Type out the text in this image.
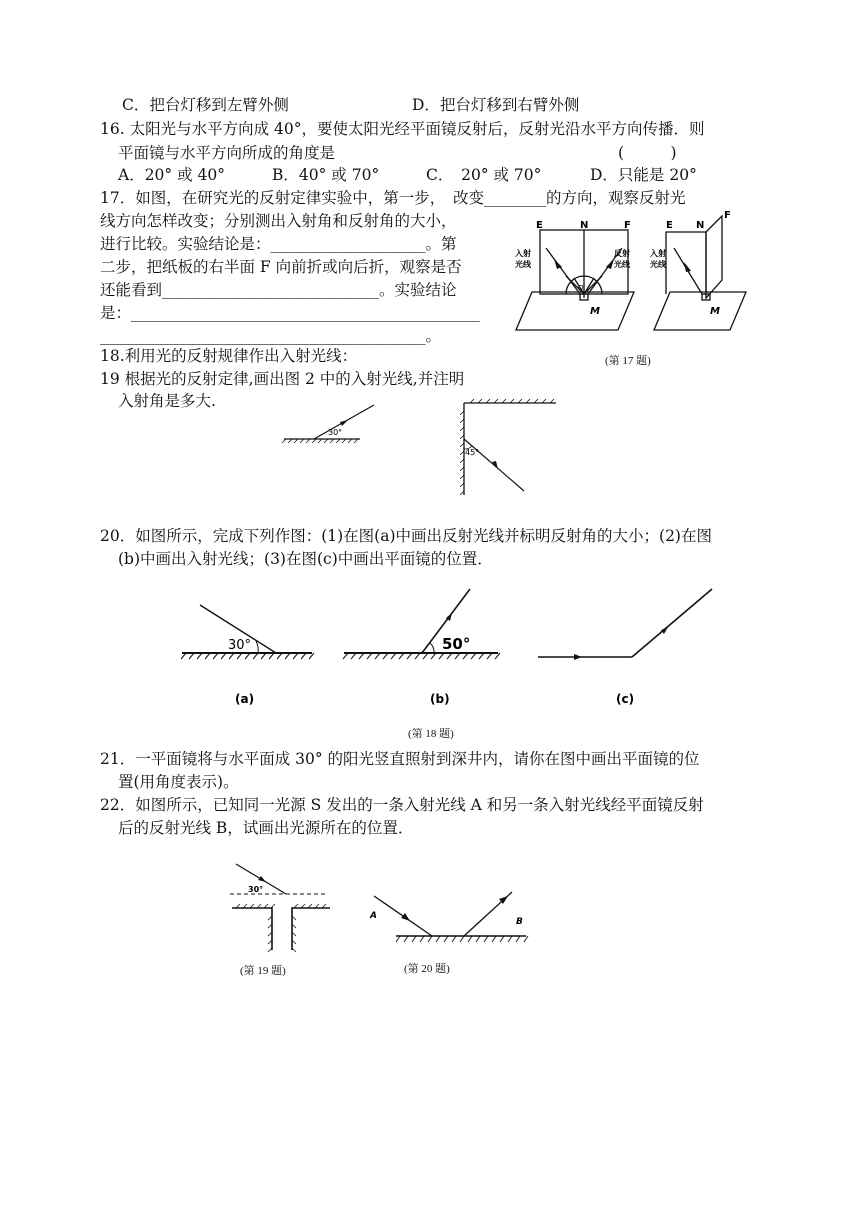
C．把台灯移到左臂外侧	D．把台灯移到右臂外侧
16. 太阳光与水平方向成 40°，要使太阳光经平面镜反射后，反射光沿水平方向传播．则
平面镜与水平方向所成的角度是	(　　　)
A．20° 或 40°	B．40° 或 70°	C．　20° 或 70°	D．只能是 20°
17．如图，在研究光的反射定律实验中，第一步，　改变________的方向，观察反射光
线方向怎样改变；分别测出入射角和反射角的大小，
进行比较。实验结论是：____________________。第
二步，把纸板的右半面 F 向前折或向后折，观察是否
还能看到____________________________。实验结论
是：_____________________________________________
__________________________________________。
E	N	F
M
O
入射
光线
反射
光线
E N
F
M
入射
光线
(第 17 题)
18.利用光的反射规律作出入射光线：
19 根据光的反射定律,画出图 2 中的入射光线,并注明
入射角是多大.
30°
45°
20．如图所示，完成下列作图：(1)在图(a)中画出反射光线并标明反射角的大小；(2)在图
(b)中画出入射光线；(3)在图(c)中画出平面镜的位置．
30°	50°
(a)	(b)	(c)
(第 18 题)
21．一平面镜将与水平面成 30° 的阳光竖直照射到深井内，请你在图中画出平面镜的位
置(用角度表示)。
22．如图所示，已知同一光源 S 发出的一条入射光线 A 和另一条入射光线经平面镜反射
后的反射光线 B，试画出光源所在的位置．
30°
(第 19 题)
A
B
(第 20 题)
